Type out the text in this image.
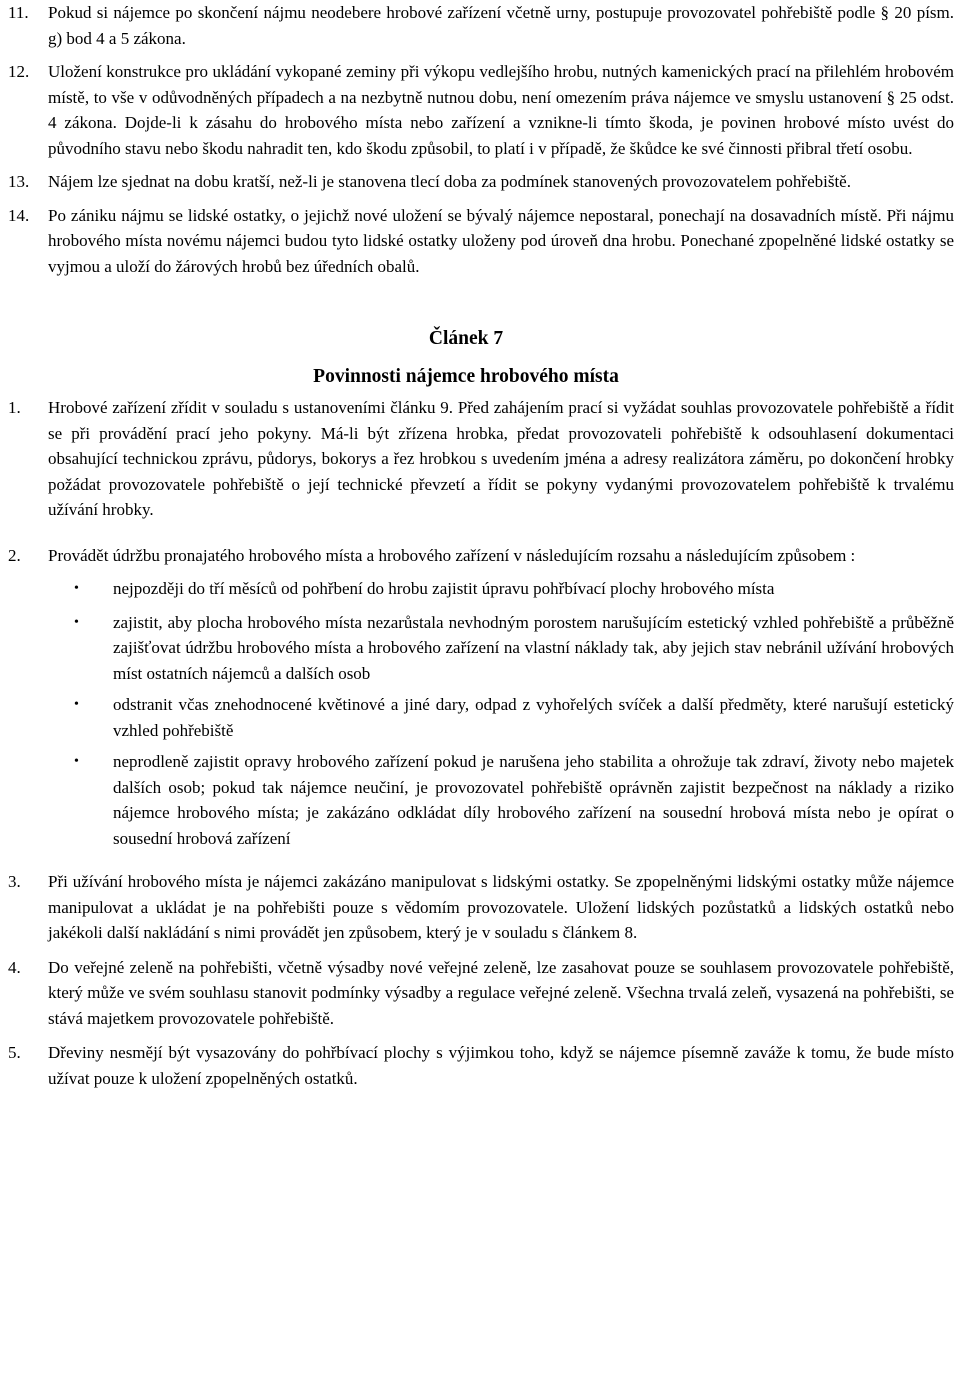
11.	Pokud si nájemce po skončení nájmu neodebere hrobové zařízení včetně urny, postupuje provozovatel pohřebiště podle § 20 písm. g) bod 4 a 5 zákona.
12.	Uložení konstrukce pro ukládání vykopané zeminy při výkopu vedlejšího hrobu, nutných kamenických prací na přilehlém hrobovém místě, to vše v odůvodněných případech a na nezbytně nutnou dobu, není omezením práva nájemce ve smyslu ustanovení § 25 odst. 4 zákona. Dojde-li k zásahu do hrobového místa nebo zařízení a vznikne-li tímto škoda, je povinen hrobové místo uvést do původního stavu nebo škodu nahradit ten, kdo škodu způsobil, to platí i v případě, že škůdce ke své činnosti přibral třetí osobu.
13.	Nájem lze sjednat na dobu kratší, než-li je stanovena tlecí doba za podmínek stanovených provozovatelem pohřebiště.
14.	Po zániku nájmu se lidské ostatky, o jejichž nové uložení se bývalý nájemce nepostaral, ponechají na dosavadních místě. Při nájmu hrobového místa novému nájemci budou tyto lidské ostatky uloženy pod úroveň dna hrobu. Ponechané zpopelněné lidské ostatky se vyjmou a uloží do žárových hrobů bez úředních obalů.
Článek 7
Povinnosti nájemce hrobového místa
1.	Hrobové zařízení zřídit v souladu s ustanoveními článku 9. Před zahájením prací si vyžádat souhlas provozovatele pohřebiště a řídit se při provádění prací jeho pokyny. Má-li být zřízena hrobka, předat provozovateli pohřebiště k odsouhlasení dokumentaci obsahující technickou zprávu, půdorys, bokorys a řez hrobkou s uvedením jména a adresy realizátora záměru, po dokončení hrobky požádat provozovatele pohřebiště o její technické převzetí a řídit se pokyny vydanými provozovatelem pohřebiště k trvalému užívání hrobky.
2.	Provádět údržbu pronajatého hrobového místa a hrobového zařízení v následujícím rozsahu a následujícím způsobem :
•	nejpozději do tří měsíců od pohřbení do hrobu zajistit úpravu pohřbívací plochy hrobového místa
•	zajistit, aby plocha hrobového místa nezarůstala nevhodným porostem narušujícím estetický vzhled pohřebiště a průběžně zajišťovat údržbu hrobového místa a hrobového zařízení na vlastní náklady tak, aby jejich stav nebránil užívání hrobových míst ostatních nájemců a dalších osob
•	odstranit včas znehodnocené květinové a jiné dary, odpad z vyhořelých svíček a další předměty, které narušují estetický vzhled pohřebiště
•	neprodleně zajistit opravy hrobového zařízení pokud je narušena jeho stabilita a ohrožuje tak zdraví, životy nebo majetek dalších osob; pokud tak nájemce neučiní, je provozovatel pohřebiště oprávněn zajistit bezpečnost na náklady a riziko nájemce hrobového místa; je zakázáno odkládat díly hrobového zařízení na sousední hrobová místa nebo je opírat o sousední hrobová zařízení
3.	Při užívání hrobového místa je nájemci zakázáno manipulovat s lidskými ostatky. Se zpopelněnými lidskými ostatky může nájemce manipulovat a ukládat je na pohřebišti pouze s vědomím provozovatele. Uložení lidských pozůstatků a lidských ostatků nebo jakékoli další nakládání s nimi provádět jen způsobem, který je v souladu s článkem 8.
4.	Do veřejné zeleně na pohřebišti, včetně výsadby nové veřejné zeleně, lze zasahovat pouze se souhlasem provozovatele pohřebiště, který může ve svém souhlasu stanovit podmínky výsadby a regulace veřejné zeleně. Všechna trvalá zeleň, vysazená na pohřebišti, se stává majetkem provozovatele pohřebiště.
5.	Dřeviny nesmějí být vysazovány do pohřbívací plochy s výjimkou toho, když se nájemce písemně zaváže k tomu, že bude místo užívat pouze k uložení zpopelněných ostatků.
